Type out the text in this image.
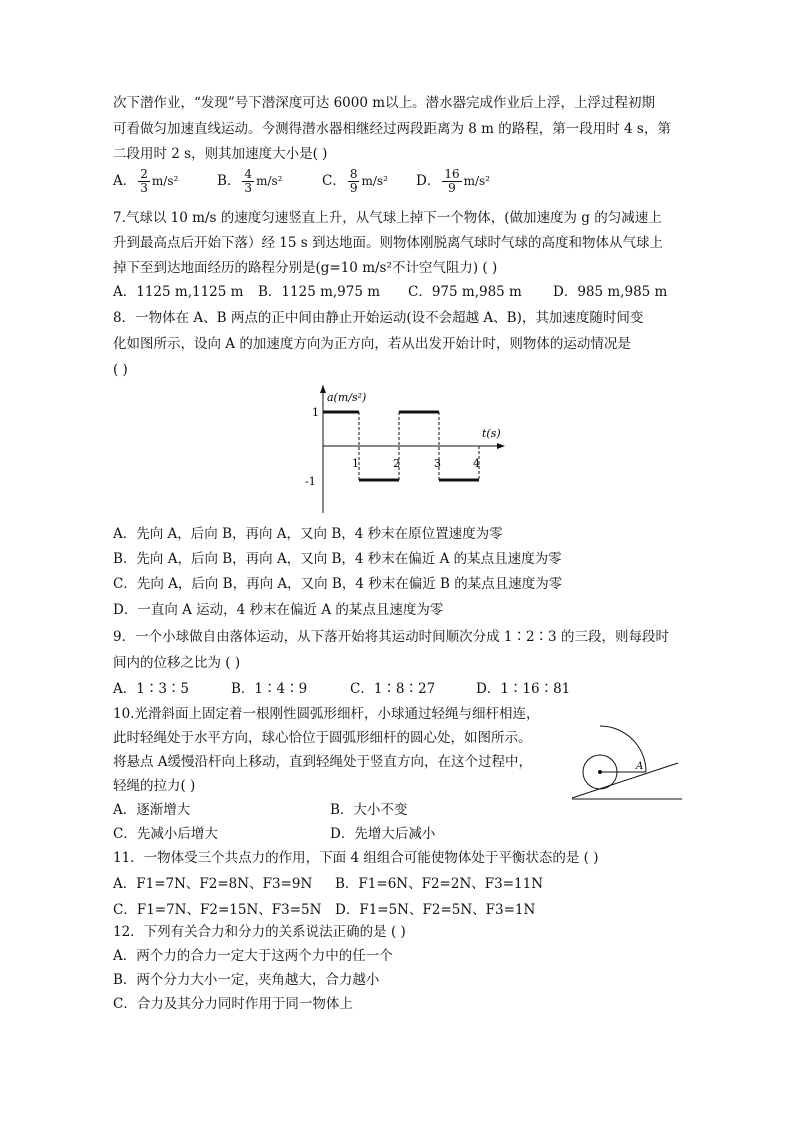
次下潜作业，“发现”号下潜深度可达 6000 m以上。潜水器完成作业后上浮，上浮过程初期
可看做匀加速直线运动。今测得潜水器相继经过两段距离为 8 m 的路程，第一段用时 4 s，第
二段用时 2 s，则其加速度大小是( )
A． $\frac{2}{3} m/s^2$	B． $\frac{4}{3} m/s^2$	C． $\frac{8}{9} m/s^2$ D． $\frac{16}{9} m/s^2$
7.气球以 10 m/s 的速度匀速竖直上升，从气球上掉下一个物体，(做加速度为 g 的匀减速上
升到最高点后开始下落）经 15 s 到达地面。则物体刚脱离气球时气球的高度和物体从气球上
掉下至到达地面经历的路程分别是(g=10 m/s²不计空气阻力) ( )
A．1125 m,1125 m B．1125 m,975 m C．975 m,985 m D．985 m,985 m
8．一物体在 A、B 两点的正中间由静止开始运动(设不会超越 A、B)，其加速度随时间变
化如图所示，设向 A 的加速度方向为正方向，若从出发开始计时，则物体的运动情况是
( )
a(m/s²)
t(s)
1
-1
1	2	3	4
A．先向 A，后向 B，再向 A，又向 B，4 秒末在原位置速度为零
B．先向 A，后向 B，再向 A，又向 B，4 秒末在偏近 A 的某点且速度为零
C．先向 A，后向 B，再向 A，又向 B，4 秒末在偏近 B 的某点且速度为零
D．一直向 A 运动，4 秒末在偏近 A 的某点且速度为零
9．一个小球做自由落体运动，从下落开始将其运动时间顺次分成 1∶2∶3 的三段，则每段时
间内的位移之比为 ( )
A．1∶3∶5	B．1∶4∶9	C．1∶8∶27	D．1∶16∶81
10.光滑斜面上固定着一根刚性圆弧形细杆，小球通过轻绳与细杆相连，
此时轻绳处于水平方向，球心恰位于圆弧形细杆的圆心处，如图所示。
将悬点 A缓慢沿杆向上移动，直到轻绳处于竖直方向，在这个过程中，
轻绳的拉力( )
A
A．逐渐增大	B．大小不变
C．先减小后增大	D．先增大后减小
11．一物体受三个共点力的作用，下面 4 组组合可能使物体处于平衡状态的是 ( )
A．F1=7N、F2=8N、F3=9N B．F1=6N、F2=2N、F3=11N
C．F1=7N、F2=15N、F3=5N D．F1=5N、F2=5N、F3=1N
12．下列有关合力和分力的关系说法正确的是 ( )
A．两个力的合力一定大于这两个力中的任一个
B．两个分力大小一定，夹角越大，合力越小
C．合力及其分力同时作用于同一物体上
